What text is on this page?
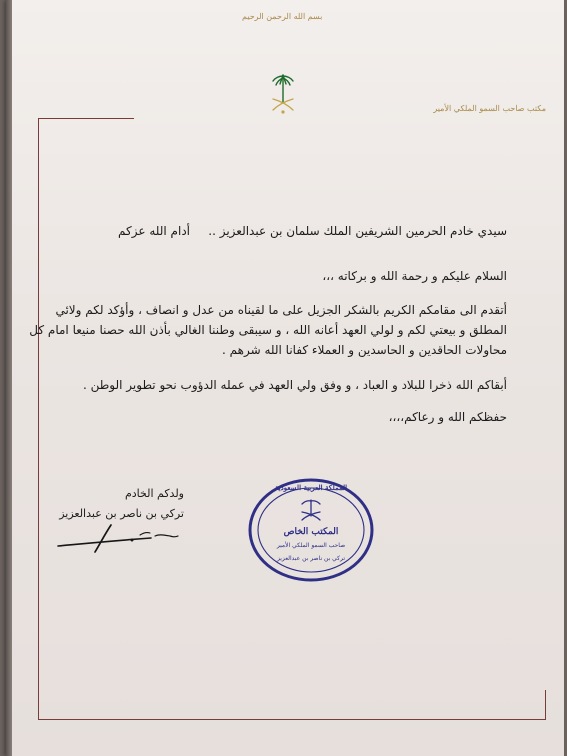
بسم الله الرحمن الرحيم
مكتب صاحب السمو الملكي الأمير
سيدي خادم الحرمين الشريفين الملك سلمان بن عبدالعزيز ..
أدام الله عزكم
السلام عليكم و رحمة الله و بركاته ،،،
أتقدم الى مقامكم الكريم بالشكر الجزيل على ما لقيناه من عدل و انصاف ، وأؤكد لكم ولائي
المطلق و بيعتي لكم و لولي العهد أعانه الله ، و سيبقى وطننا الغالي بأذن الله حصنا منيعا امام كل
محاولات الحاقدين و الحاسدين و العملاء كفانا الله شرهم .
أبقاكم الله ذخرا للبلاد و العباد ، و وفق ولي العهد في عمله الدؤوب نحو تطوير الوطن .
حفظكم الله و رعاكم،،،،
ولدكم الخادم
تركي بن ناصر بن عبدالعزيز
المملكة العربية السعودية
المكتب الخاص
صاحب السمو الملكي الأمير
تركي بن ناصر بن عبدالعزيز
